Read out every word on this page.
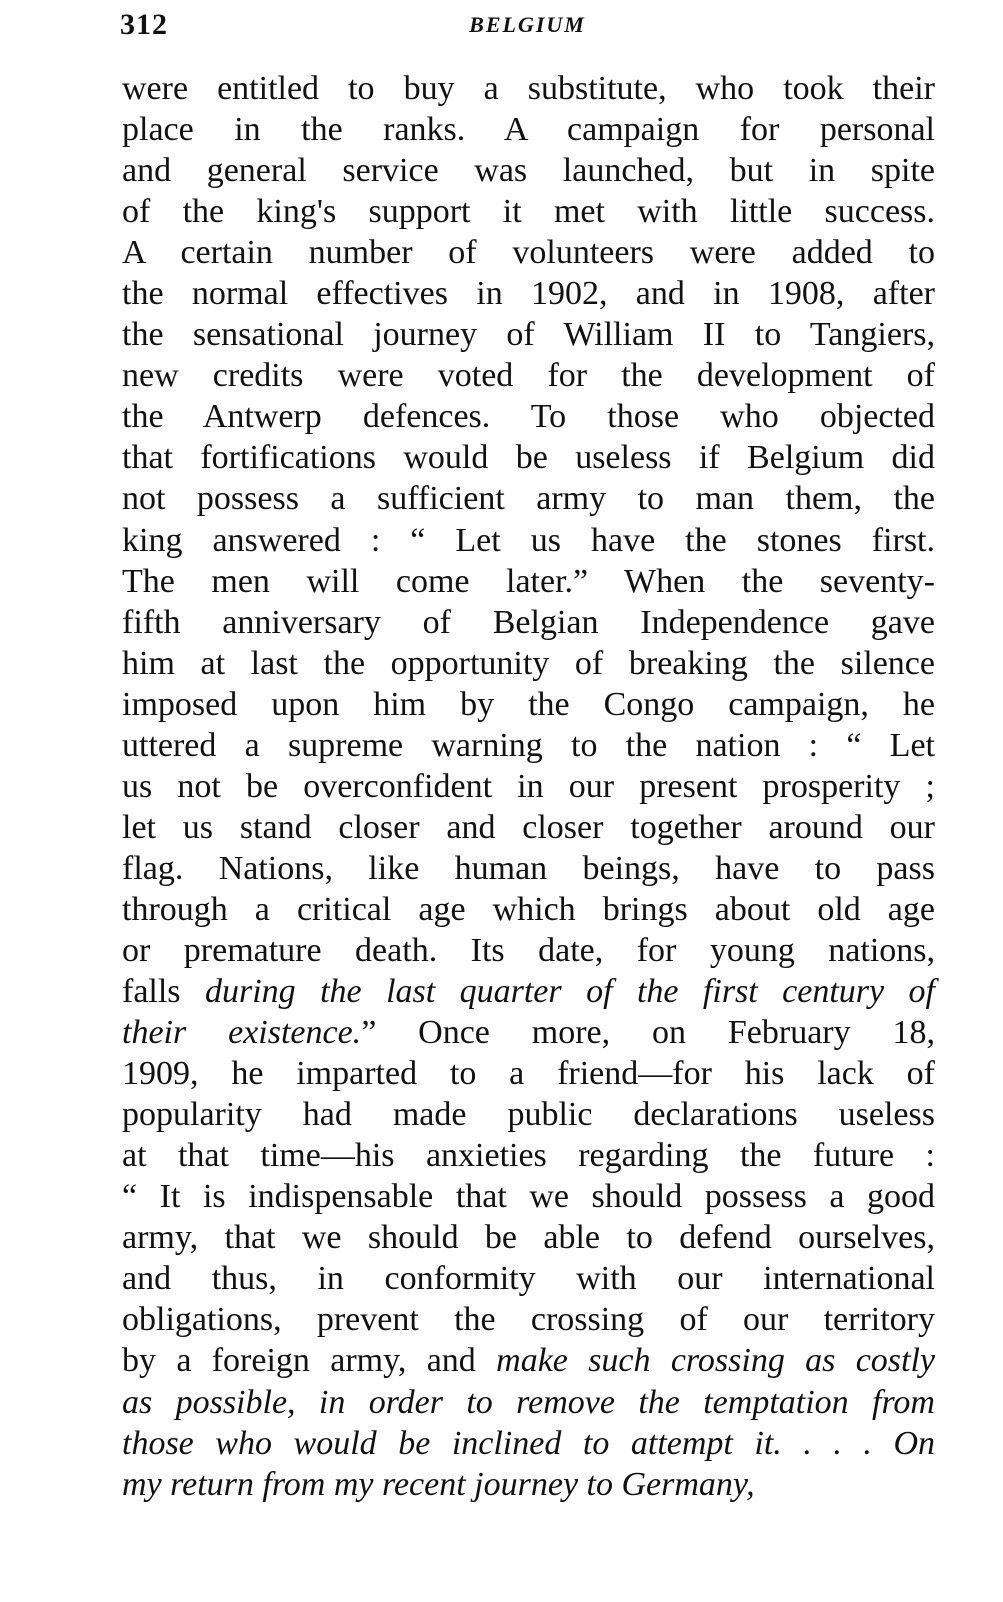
312	BELGIUM
were entitled to buy a substitute, who took their
place in the ranks. A campaign for personal
and general service was launched, but in spite
of the king's support it met with little success.
A certain number of volunteers were added to
the normal effectives in 1902, and in 1908, after
the sensational journey of William II to Tangiers,
new credits were voted for the development of
the Antwerp defences. To those who objected
that fortifications would be useless if Belgium did
not possess a sufficient army to man them, the
king answered : “ Let us have the stones first.
The men will come later.” When the seventy-
fifth anniversary of Belgian Independence gave
him at last the opportunity of breaking the silence
imposed upon him by the Congo campaign, he
uttered a supreme warning to the nation : “ Let
us not be overconfident in our present prosperity ;
let us stand closer and closer together around our
flag. Nations, like human beings, have to pass
through a critical age which brings about old age
or premature death. Its date, for young nations,
falls during the last quarter of the first century of
their existence.” Once more, on February 18,
1909, he imparted to a friend—for his lack of
popularity had made public declarations useless
at that time—his anxieties regarding the future :
“ It is indispensable that we should possess a good
army, that we should be able to defend ourselves,
and thus, in conformity with our international
obligations, prevent the crossing of our territory
by a foreign army, and make such crossing as costly
as possible, in order to remove the temptation from
those who would be inclined to attempt it. . . . On
my return from my recent journey to Germany,
